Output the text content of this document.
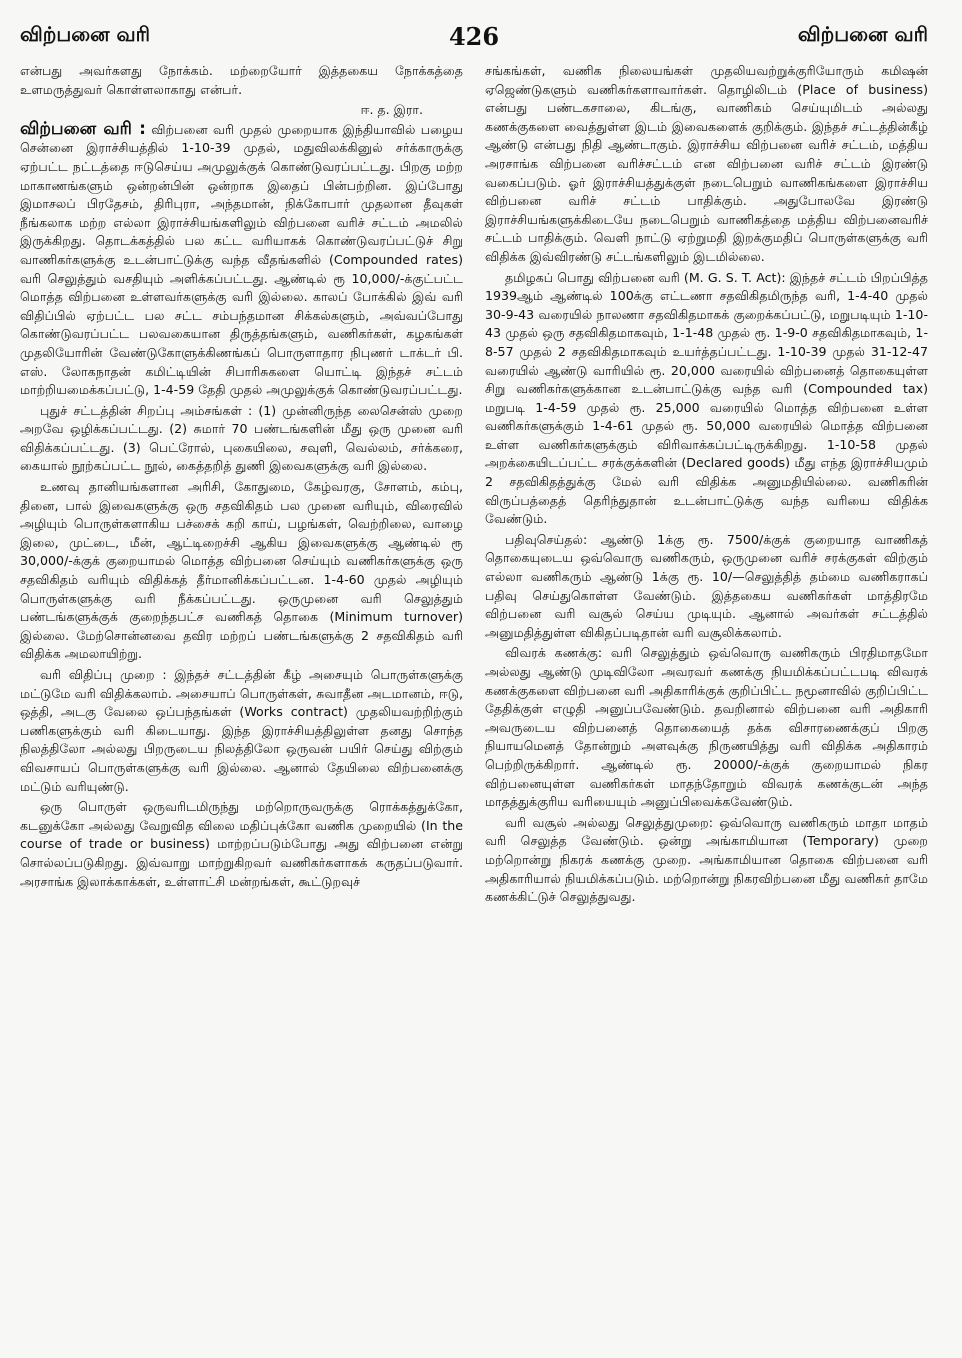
விற்பனை வரி	426	விற்பனை வரி

என்பது அவர்களது நோக்கம். மற்றையோர் இத்தகைய நோக்கத்தை உளமருத்துவர் கொள்ளலாகாது என்பர்.

ஈ. த. இரா.

விற்பனை வரி : விற்பனை வரி முதல் முறையாக இந்தியாவில் பழைய சென்னை இராச்சியத்தில் 1-10-39 முதல், மதுவிலக்கினுல் சர்க்காருக்கு ஏற்பட்ட நட்டத்தை ஈடுசெய்ய அமுலுக்குக் கொண்டுவரப்பட்டது. பிறகு மற்ற மாகாணங்களும் ஒன்றன்பின் ஒன்றாக இதைப் பின்பற்றின. இப்போது இமாசலப் பிரதேசம், திரிபுரா, அந்தமான், நிக்கோபார் முதலான தீவுகள் நீங்கலாக மற்ற எல்லா இராச்சியங்களிலும் விற்பனை வரிச் சட்டம் அமலில் இருக்கிறது. தொடக்கத்தில் பல கட்ட வரியாகக் கொண்டுவரப்பட்டுச் சிறு வாணிகர்களுக்கு உடன்பாட்டுக்கு வந்த வீதங்களில் (Compounded rates) வரி செலுத்தும் வசதியும் அளிக்கப்பட்டது. ஆண்டில் ரூ 10,000/-க்குட்பட்ட மொத்த விற்பனை உள்ளவர்களுக்கு வரி இல்லை. காலப் போக்கில் இவ் வரி விதிப்பில் ஏற்பட்ட பல சட்ட சம்பந்தமான சிக்கல்களும், அவ்வப்போது கொண்டுவரப்பட்ட பலவகையான திருத்தங்களும், வணிகர்கள், கழகங்கள் முதலியோரின் வேண்டுகோளுக்கிணங்கப் பொருளாதார நிபுணர் டாக்டர் பி. எஸ். லோகநாதன் கமிட்டியின் சிபாரிசுகளை யொட்டி இந்தச் சட்டம் மாற்றியமைக்கப்பட்டு, 1-4-59 தேதி முதல் அமுலுக்குக் கொண்டுவரப்பட்டது.

புதுச் சட்டத்தின் சிறப்பு அம்சங்கள் : (1) முன்னிருந்த லைசென்ஸ் முறை அறவே ஒழிக்கப்பட்டது. (2) சுமார் 70 பண்டங்களின் மீது ஒரு முனை வரி விதிக்கப்பட்டது. (3) பெட்ரோல், புகையிலை, சவுளி, வெல்லம், சர்க்கரை, கையால் நூற்கப்பட்ட நூல், கைத்தறித் துணி இவைகளுக்கு வரி இல்லை.

உணவு தானியங்களான அரிசி, கோதுமை, கேழ்வரகு, சோளம், கம்பு, தினை, பால் இவைகளுக்கு ஒரு சதவிகிதம் பல முனை வரியும், விரைவில் அழியும் பொருள்களாகிய பச்சைக் கறி காய், பழங்கள், வெற்றிலை, வாழை இலை, முட்டை, மீன், ஆட்டிறைச்சி ஆகிய இவைகளுக்கு ஆண்டில் ரூ 30,000/-க்குக் குறையாமல் மொத்த விற்பனை செய்யும் வணிகர்களுக்கு ஒரு சதவிகிதம் வரியும் விதிக்கத் தீர்மானிக்கப்பட்டன. 1-4-60 முதல் அழியும் பொருள்களுக்கு வரி நீக்கப்பட்டது. ஒருமுனை வரி செலுத்தும் பண்டங்களுக்குக் குறைந்தபட்ச வணிகத் தொகை (Minimum turnover) இல்லை. மேற்சொன்னவை தவிர மற்றப் பண்டங்களுக்கு 2 சதவிகிதம் வரி விதிக்க அமலாயிற்று.

வரி விதிப்பு முறை : இந்தச் சட்டத்தின் கீழ் அசையும் பொருள்களுக்கு மட்டுமே வரி விதிக்கலாம். அசையாப் பொருள்கள், சுவாதீன அடமானம், ஈடு, ஒத்தி, அடகு வேலை ஒப்பந்தங்கள் (Works contract) முதலியவற்றிற்கும் பணிகளுக்கும் வரி கிடையாது. இந்த இராச்சியத்திலுள்ள தனது சொந்த நிலத்திலோ அல்லது பிறருடைய நிலத்திலோ ஒருவன் பயிர் செய்து விற்கும் விவசாயப் பொருள்களுக்கு வரி இல்லை. ஆனால் தேயிலை விற்பனைக்கு மட்டும் வரியுண்டு.

ஒரு பொருள் ஒருவரிடமிருந்து மற்றொருவருக்கு ரொக்கத்துக்கோ, கடனுக்கோ அல்லது வேறுவித விலை மதிப்புக்கோ வணிக முறையில் (In the course of trade or business) மாற்றப்படும்போது அது விற்பனை என்று சொல்லப்படுகிறது. இவ்வாறு மாற்றுகிறவர் வணிகர்களாகக் கருதப்படுவார். அரசாங்க இலாக்காக்கள், உள்ளாட்சி மன்றங்கள், கூட்டுறவுச்

சங்கங்கள், வணிக நிலையங்கள் முதலியவற்றுக்குரியோரும் கமிஷன் ஏஜெண்டுகளும் வணிகர்களாவார்கள். தொழிலிடம் (Place of business) என்பது பண்டகசாலை, கிடங்கு, வாணிகம் செய்யுமிடம் அல்லது கணக்குகளை வைத்துள்ள இடம் இவைகளைக் குறிக்கும். இந்தச் சட்டத்தின்கீழ் ஆண்டு என்பது நிதி ஆண்டாகும். இராச்சிய விற்பனை வரிச் சட்டம், மத்திய அரசாங்க விற்பனை வரிச்சட்டம் என விற்பனை வரிச் சட்டம் இரண்டு வகைப்படும். ஓர் இராச்சியத்துக்குள் நடைபெறும் வாணிகங்களை இராச்சிய விற்பனை வரிச் சட்டம் பாதிக்கும். அதுபோலவே இரண்டு இராச்சியங்களுக்கிடையே நடைபெறும் வாணிகத்தை மத்திய விற்பனைவரிச் சட்டம் பாதிக்கும். வெளி நாட்டு ஏற்றுமதி இறக்குமதிப் பொருள்களுக்கு வரி விதிக்க இவ்விரண்டு சட்டங்களிலும் இடமில்லை.

தமிழகப் பொது விற்பனை வரி (M. G. S. T. Act): இந்தச் சட்டம் பிறப்பித்த 1939ஆம் ஆண்டில் 100க்கு எட்டணா சதவிகிதமிருந்த வரி, 1-4-40 முதல் 30-9-43 வரையில் நாலணா சதவிகிதமாகக் குறைக்கப்பட்டு, மறுபடியும் 1-10-43 முதல் ஒரு சதவிகிதமாகவும், 1-1-48 முதல் ரூ. 1-9-0 சதவிகிதமாகவும், 1-8-57 முதல் 2 சதவிகிதமாகவும் உயர்த்தப்பட்டது. 1-10-39 முதல் 31-12-47 வரையில் ஆண்டு வாரியில் ரூ. 20,000 வரையில் விற்பனைத் தொகையுள்ள சிறு வணிகர்களுக்கான உடன்பாட்டுக்கு வந்த வரி (Compounded tax) மறுபடி 1-4-59 முதல் ரூ. 25,000 வரையில் மொத்த விற்பனை உள்ள வணிகர்களுக்கும் 1-4-61 முதல் ரூ. 50,000 வரையில் மொத்த விற்பனை உள்ள வணிகர்களுக்கும் விரிவாக்கப்பட்டிருக்கிறது. 1-10-58 முதல் அறக்கையிடப்பட்ட சரக்குக்களின் (Declared goods) மீது எந்த இராச்சியமும் 2 சதவிகிதத்துக்கு மேல் வரி விதிக்க அனுமதியில்லை. வணிகரின் விருப்பத்தைத் தெரிந்துதான் உடன்பாட்டுக்கு வந்த வரியை விதிக்க வேண்டும்.

பதிவுசெய்தல்: ஆண்டு 1க்கு ரூ. 7500/க்குக் குறையாத வாணிகத் தொகையுடைய ஒவ்வொரு வணிகரும், ஒருமுனை வரிச் சரக்குகள் விற்கும் எல்லா வணிகரும் ஆண்டு 1க்கு ரூ. 10/—செலுத்தித் தம்மை வணிகராகப் பதிவு செய்துகொள்ள வேண்டும். இத்தகைய வணிகர்கள் மாத்திரமே விற்பனை வரி வசூல் செய்ய முடியும். ஆனால் அவர்கள் சட்டத்தில் அனுமதித்துள்ள விகிதப்படிதான் வரி வசூலிக்கலாம்.

விவரக் கணக்கு: வரி செலுத்தும் ஒவ்வொரு வணிகரும் பிரதிமாதமோ அல்லது ஆண்டு முடிவிலோ அவரவர் கணக்கு நியமிக்கப்பட்டபடி விவரக் கணக்குகளை விற்பனை வரி அதிகாரிக்குக் குறிப்பிட்ட நமூனாவில் குறிப்பிட்ட தேதிக்குள் எழுதி அனுப்பவேண்டும். தவறினால் விற்பனை வரி அதிகாரி அவருடைய விற்பனைத் தொகையைத் தக்க விசாரணைக்குப் பிறகு நியாயமெனத் தோன்றும் அளவுக்கு நிருணயித்து வரி விதிக்க அதிகாரம் பெற்றிருக்கிறார். ஆண்டில் ரூ. 20000/-க்குக் குறையாமல் நிகர விற்பனையுள்ள வணிகர்கள் மாதந்தோறும் விவரக் கணக்குடன் அந்த மாதத்துக்குரிய வரியையும் அனுப்பிவைக்கவேண்டும்.

வரி வசூல் அல்லது செலுத்துமுறை: ஒவ்வொரு வணிகரும் மாதா மாதம் வரி செலுத்த வேண்டும். ஒன்று அங்காமியான (Temporary) முறை மற்றொன்று நிகரக் கணக்கு முறை. அங்காமியான தொகை விற்பனை வரி அதிகாரியால் நியமிக்கப்படும். மற்றொன்று நிகரவிற்பனை மீது வணிகர் தாமே கணக்கிட்டுச் செலுத்துவது.
